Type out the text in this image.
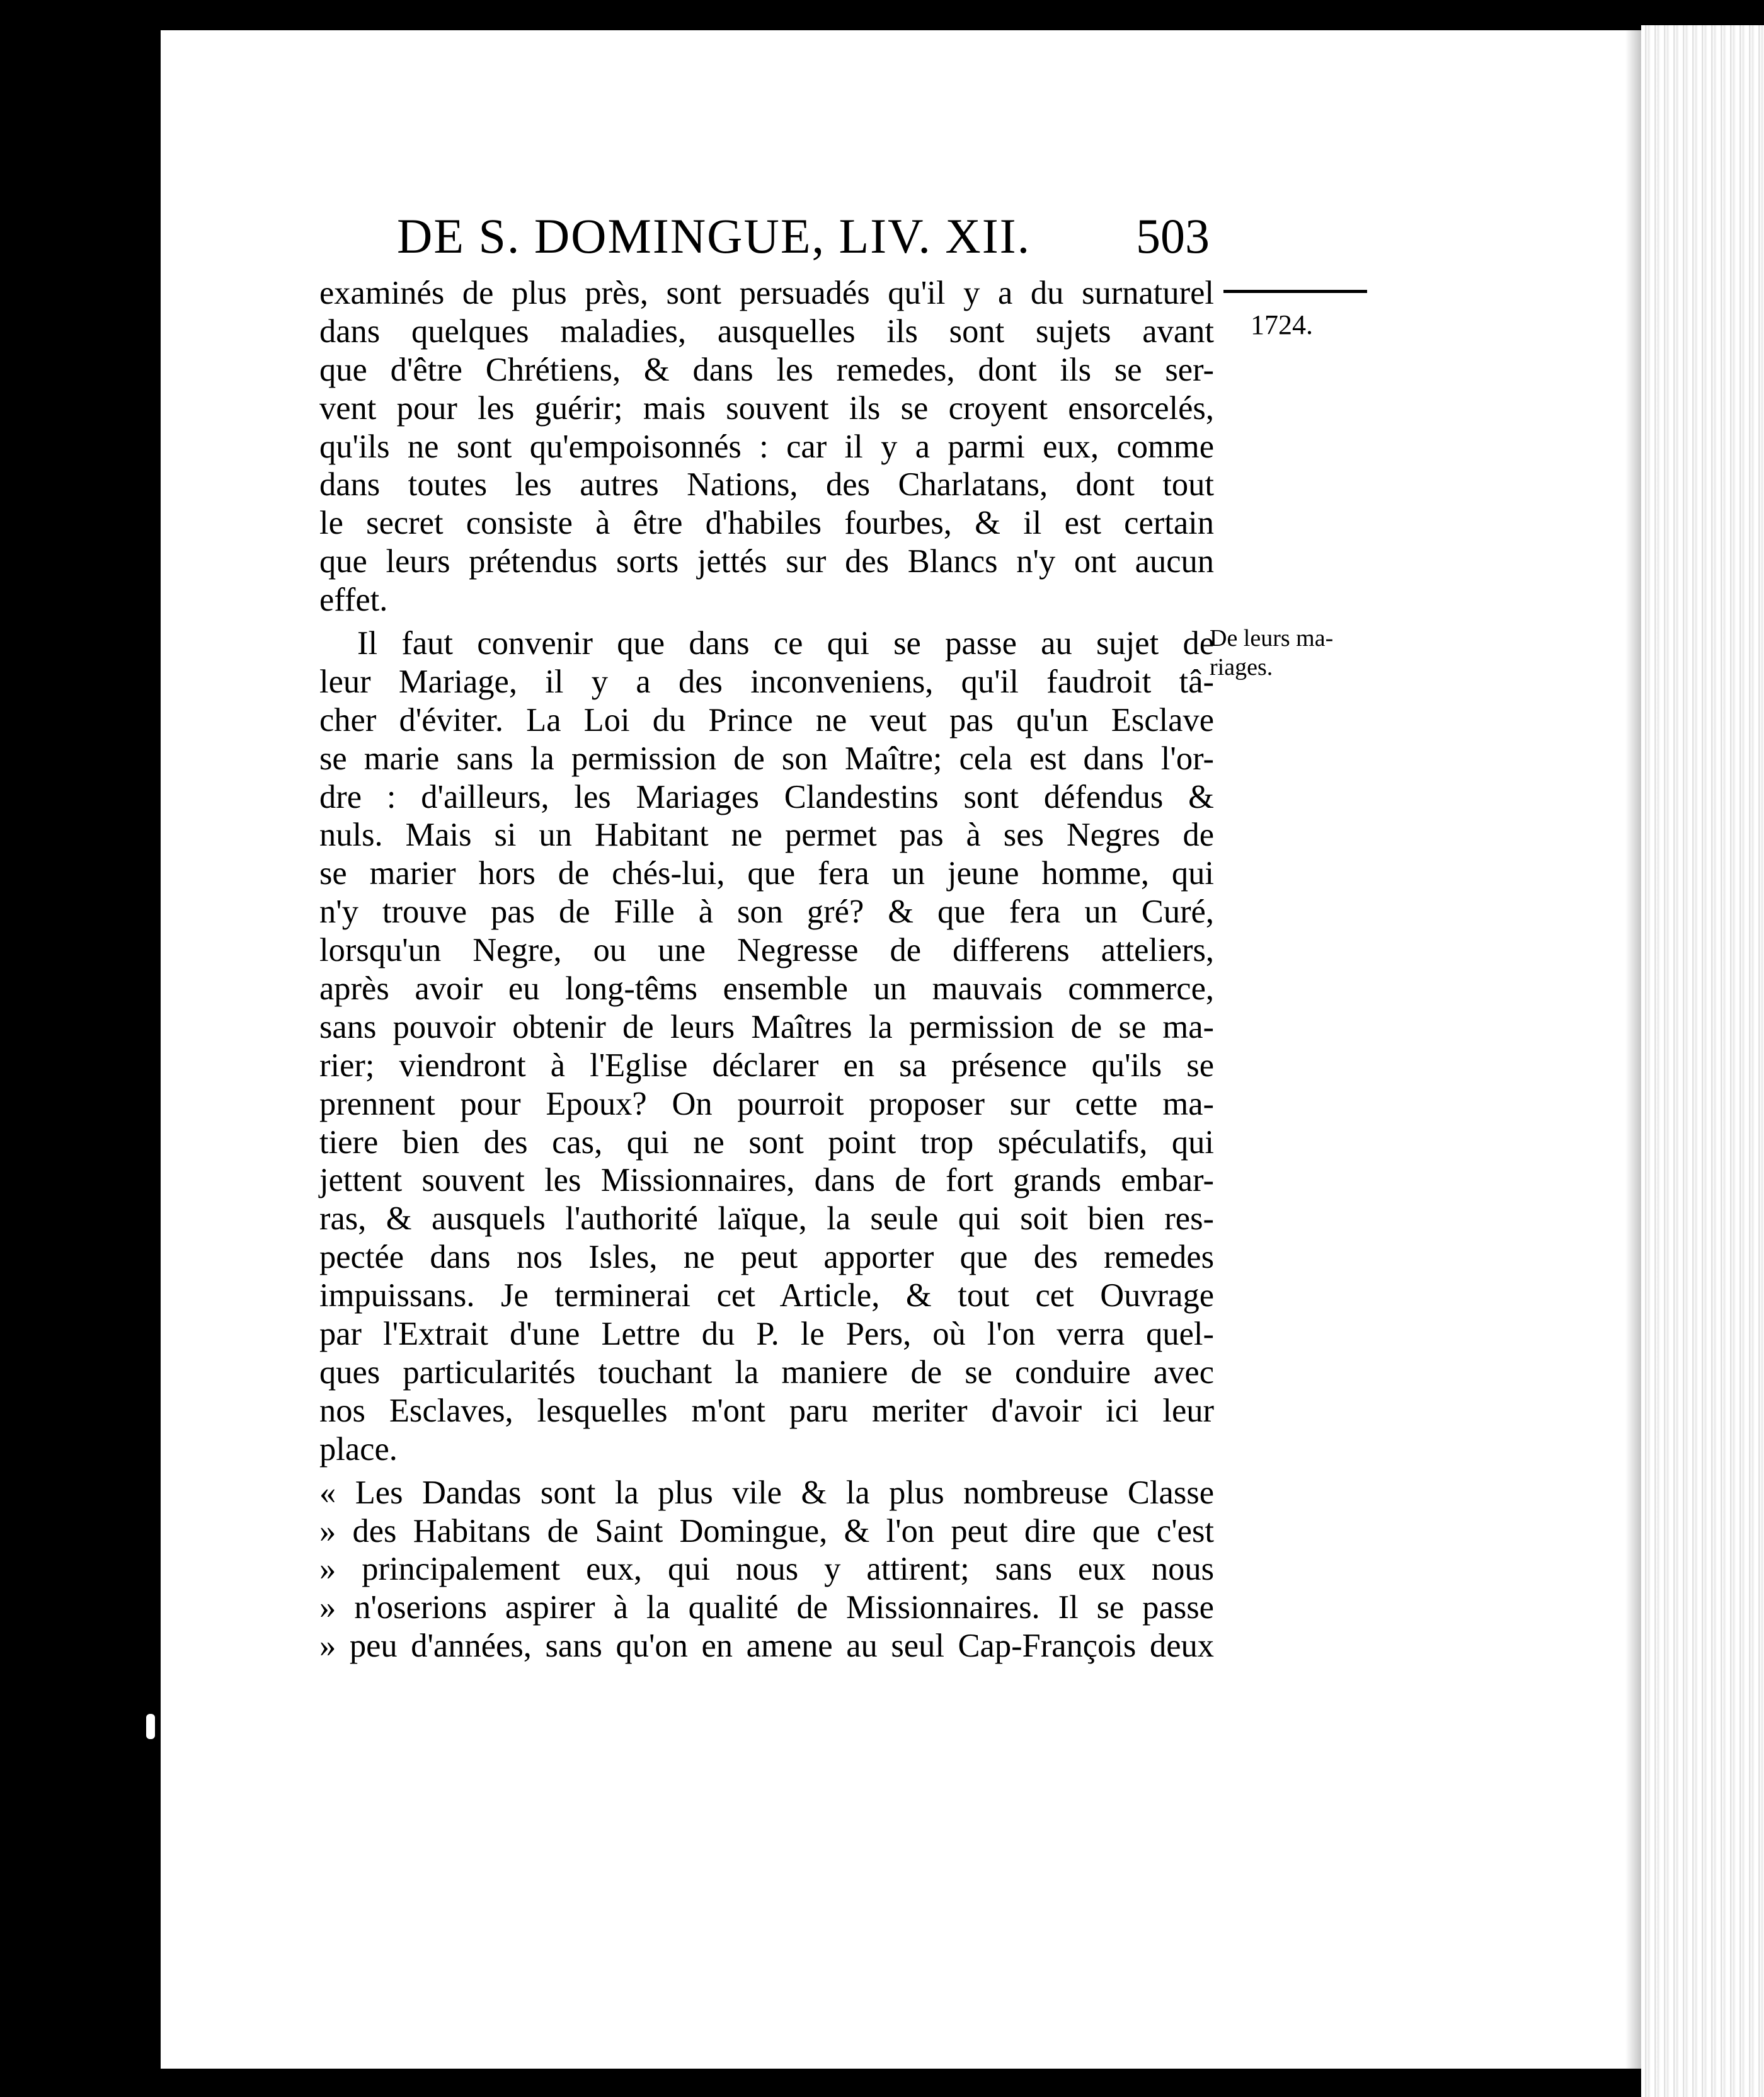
DE S. DOMINGUE, LIV. XII. 503
1724.
De leurs ma-
riages.
examinés de plus près, sont persuadés qu'il y a du surnaturel
dans quelques maladies, ausquelles ils sont sujets avant
que d'être Chrétiens, & dans les remedes, dont ils se ser-
vent pour les guérir; mais souvent ils se croyent ensorcelés,
qu'ils ne sont qu'empoisonnés : car il y a parmi eux, comme
dans toutes les autres Nations, des Charlatans, dont tout
le secret consiste à être d'habiles fourbes, & il est certain
que leurs prétendus sorts jettés sur des Blancs n'y ont aucun
effet.
Il faut convenir que dans ce qui se passe au sujet de
leur Mariage, il y a des inconveniens, qu'il faudroit tâ-
cher d'éviter. La Loi du Prince ne veut pas qu'un Esclave
se marie sans la permission de son Maître; cela est dans l'or-
dre : d'ailleurs, les Mariages Clandestins sont défendus &
nuls. Mais si un Habitant ne permet pas à ses Negres de
se marier hors de chés-lui, que fera un jeune homme, qui
n'y trouve pas de Fille à son gré? & que fera un Curé,
lorsqu'un Negre, ou une Negresse de differens atteliers,
après avoir eu long-têms ensemble un mauvais commerce,
sans pouvoir obtenir de leurs Maîtres la permission de se ma-
rier; viendront à l'Eglise déclarer en sa présence qu'ils se
prennent pour Epoux? On pourroit proposer sur cette ma-
tiere bien des cas, qui ne sont point trop spéculatifs, qui
jettent souvent les Missionnaires, dans de fort grands embar-
ras, & ausquels l'authorité laïque, la seule qui soit bien res-
pectée dans nos Isles, ne peut apporter que des remedes
impuissans. Je terminerai cet Article, & tout cet Ouvrage
par l'Extrait d'une Lettre du P. le Pers, où l'on verra quel-
ques particularités touchant la maniere de se conduire avec
nos Esclaves, lesquelles m'ont paru meriter d'avoir ici leur
place.
« Les Dandas sont la plus vile & la plus nombreuse Classe
» des Habitans de Saint Domingue, & l'on peut dire que c'est
» principalement eux, qui nous y attirent; sans eux nous
» n'oserions aspirer à la qualité de Missionnaires. Il se passe
» peu d'années, sans qu'on en amene au seul Cap-François deux
